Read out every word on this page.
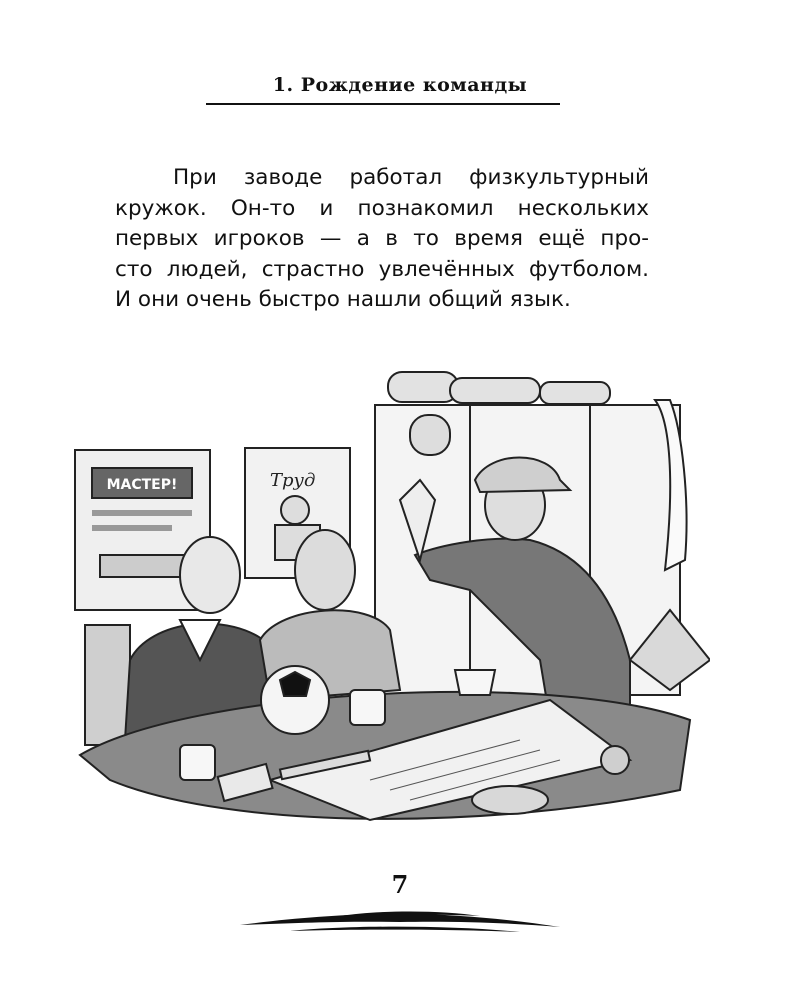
1. Рождение команды

При заводе работал физкультурный
кружок. Он-то и познакомил нескольких
первых игроков — а в то время ещё про-
сто людей, страстно увлечённых футболом.
И они очень быстро нашли общий язык.

МАСТЕР!	Труд
7
